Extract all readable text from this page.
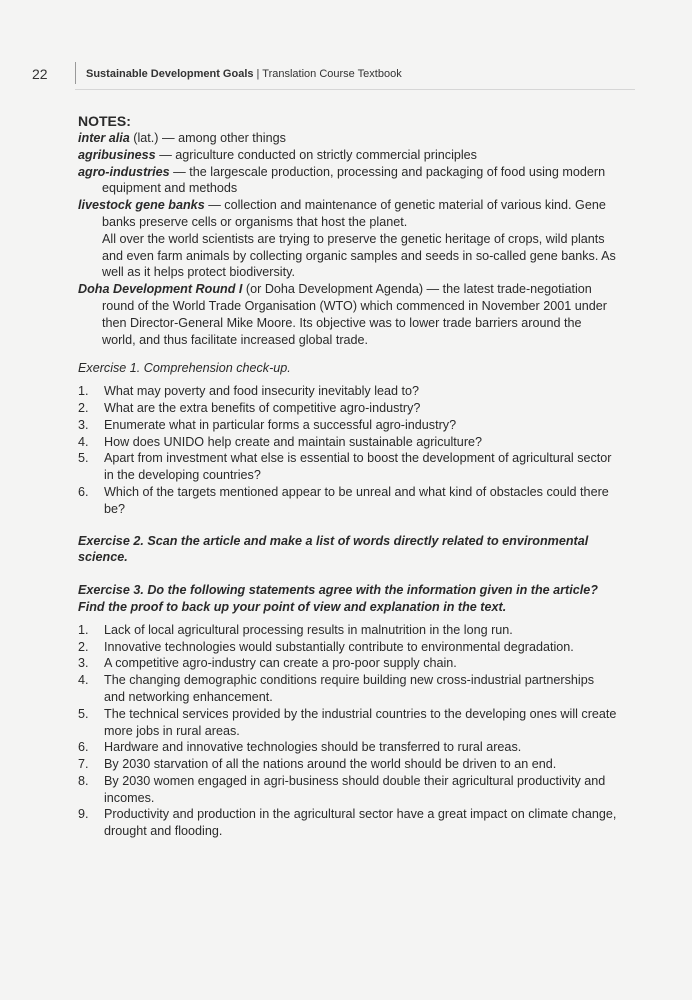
22	Sustainable Development Goals | Translation Course Textbook

NOTES:

inter alia (lat.) — among other things

agribusiness — agriculture conducted on strictly commercial principles

agro-industries — the largescale production, processing and packaging of food using modern equipment and methods

livestock gene banks — collection and maintenance of genetic material of various kind. Gene banks preserve cells or organisms that host the planet.

All over the world scientists are trying to preserve the genetic heritage of crops, wild plants and even farm animals by collecting organic samples and seeds in so-called gene banks. As well as it helps protect biodiversity.

Doha Development Round I (or Doha Development Agenda) — the latest trade-negotiation round of the World Trade Organisation (WTO) which commenced in November 2001 under then Director-General Mike Moore. Its objective was to lower trade barriers around the world, and thus facilitate increased global trade.

Exercise 1. Comprehension check-up.

1. What may poverty and food insecurity inevitably lead to?
2. What are the extra benefits of competitive agro-industry?
3. Enumerate what in particular forms a successful agro-industry?
4. How does UNIDO help create and maintain sustainable agriculture?
5. Apart from investment what else is essential to boost the development of agricultural sector in the developing countries?
6. Which of the targets mentioned appear to be unreal and what kind of obstacles could there be?

Exercise 2. Scan the article and make a list of words directly related to environmental science.

Exercise 3. Do the following statements agree with the information given in the article? Find the proof to back up your point of view and explanation in the text.

1. Lack of local agricultural processing results in malnutrition in the long run.
2. Innovative technologies would substantially contribute to environmental degradation.
3. A competitive agro-industry can create a pro-poor supply chain.
4. The changing demographic conditions require building new cross-industrial partnerships and networking enhancement.
5. The technical services provided by the industrial countries to the developing ones will create more jobs in rural areas.
6. Hardware and innovative technologies should be transferred to rural areas.
7. By 2030 starvation of all the nations around the world should be driven to an end.
8. By 2030 women engaged in agri-business should double their agricultural productivity and incomes.
9. Productivity and production in the agricultural sector have a great impact on climate change, drought and flooding.
